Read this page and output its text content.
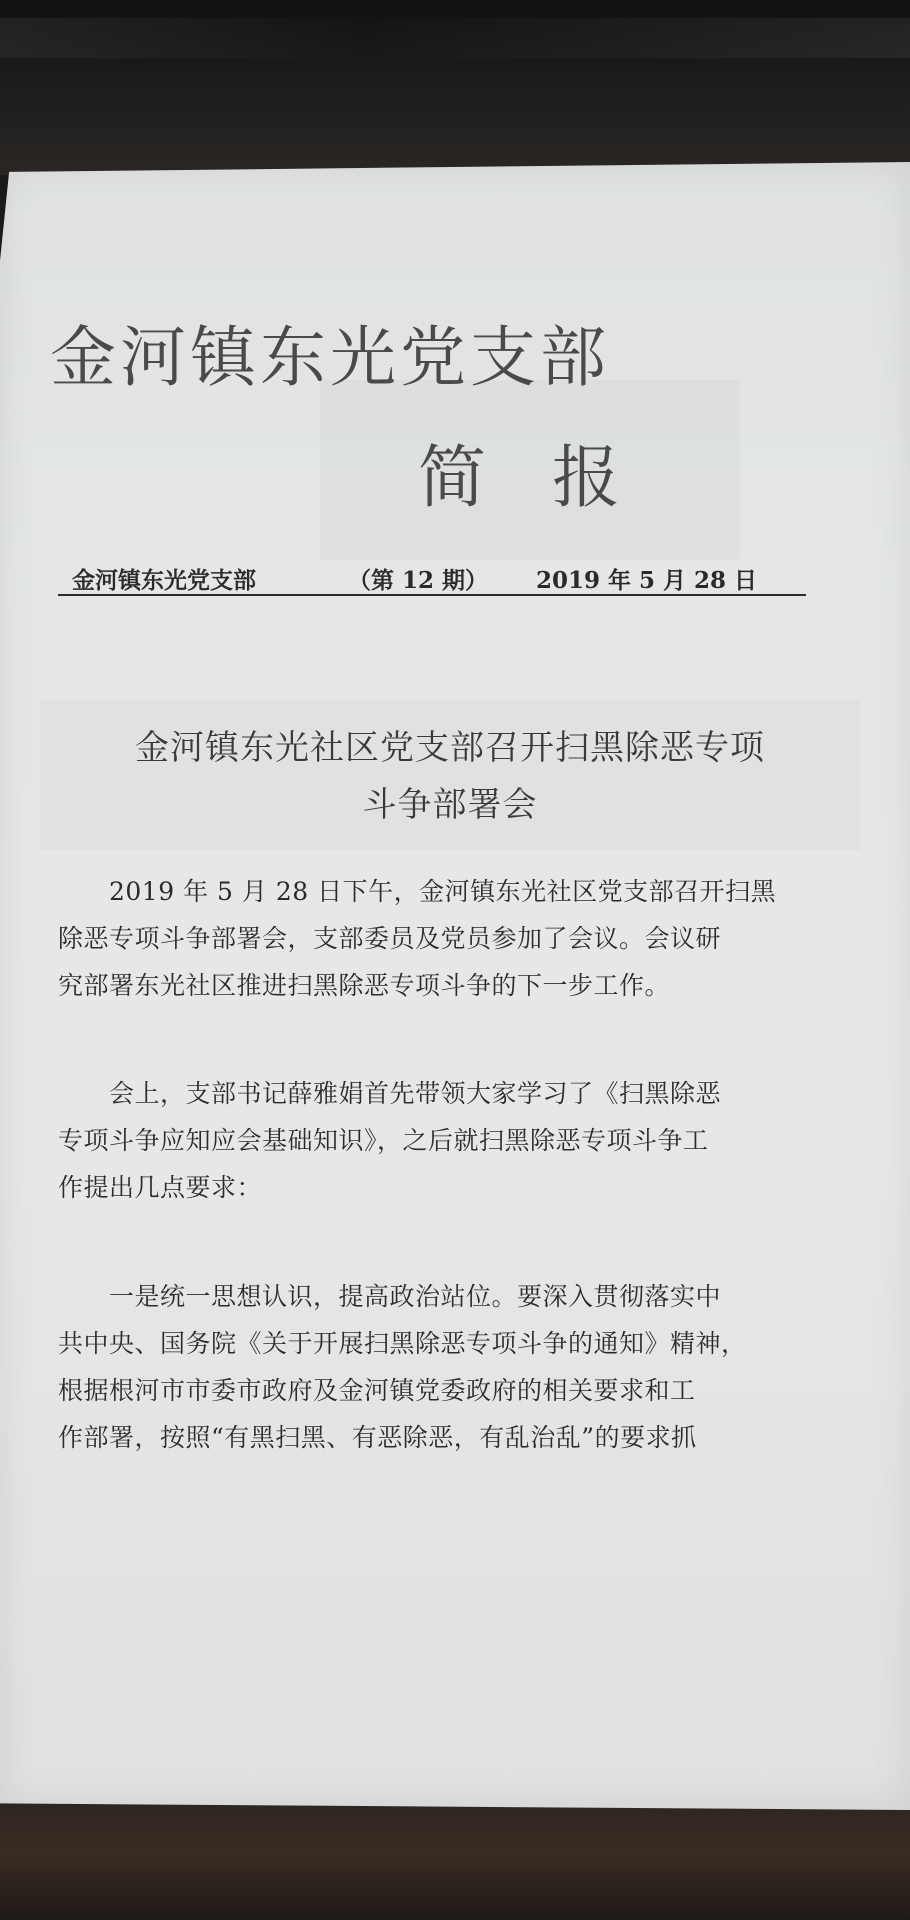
金河镇东光党支部
简报
金河镇东光党支部	（第 12 期） 2019 年 5 月 28 日
金河镇东光社区党支部召开扫黑除恶专项
斗争部署会
　　2019 年 5 月 28 日下午，金河镇东光社区党支部召开扫黑
除恶专项斗争部署会，支部委员及党员参加了会议。会议研
究部署东光社区推进扫黑除恶专项斗争的下一步工作。
　　会上，支部书记薛雅娟首先带领大家学习了《扫黑除恶
专项斗争应知应会基础知识》，之后就扫黑除恶专项斗争工
作提出几点要求：
　　一是统一思想认识，提高政治站位。要深入贯彻落实中
共中央、国务院《关于开展扫黑除恶专项斗争的通知》精神，
根据根河市市委市政府及金河镇党委政府的相关要求和工
作部署，按照“有黑扫黑、有恶除恶，有乱治乱”的要求抓
